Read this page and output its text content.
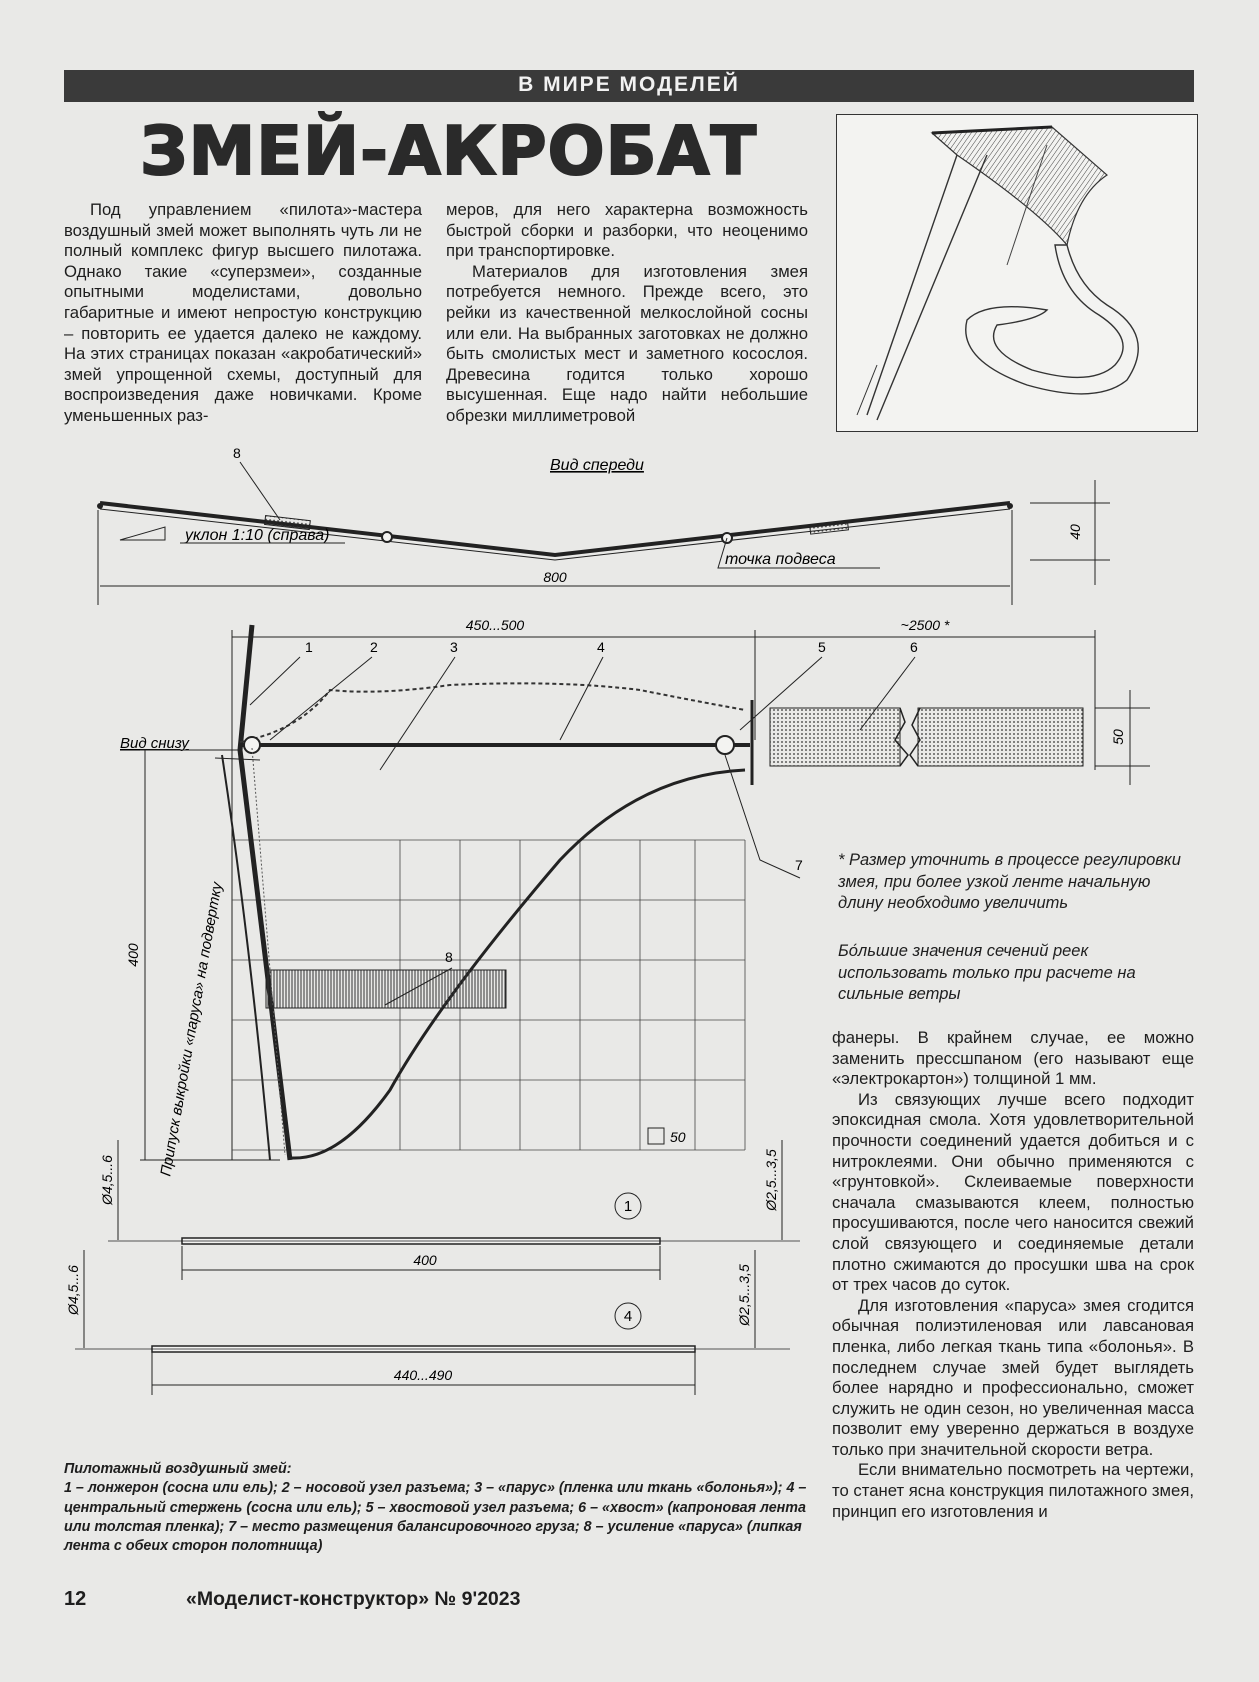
В МИРЕ МОДЕЛЕЙ
ЗМЕЙ-АКРОБАТ

Под управлением «пилота»-мастера воздушный змей может выполнять чуть ли не полный комплекс фигур высшего пилотажа. Однако такие «суперзмеи», созданные опытными моделистами, довольно габаритные и имеют непростую конструкцию – повторить ее удается далеко не каждому. На этих страницах показан «акробатический» змей упрощенной схемы, доступный для воспроизведения даже новичками. Кроме уменьшенных раз-

меров, для него характерна возможность быстрой сборки и разборки, что неоценимо при транспортировке.

Материалов для изготовления змея потребуется немного. Прежде всего, это рейки из качественной мелкослойной сосны или ели. На выбранных заготовках не должно быть смолистых мест и заметного косослоя. Древесина годится только хорошо высушенная. Еще надо найти небольшие обрезки миллиметровой

Вид спереди
8
уклон 1:10 (справа)
точка подвеса
800
40
450...500	~2500 *
Вид снизу
50
50
1	2	3	4	5	6
7
8
400 Припуск выкройки «паруса» на подвертку
1
400
Ø4,5...6	Ø2,5...3,5
4
440...490
Ø4,5...6	Ø2,5...3,5
* Размер уточнить в процессе регулировки змея, при более узкой ленте начальную длину необходимо увеличить
Бо́льшие значения сечений реек использовать только при расчете на сильные ветры

фанеры. В крайнем случае, ее можно заменить прессшпаном (его называют еще «электрокартон») толщиной 1 мм.

Из связующих лучше всего подходит эпоксидная смола. Хотя удовлетворительной прочности соединений удается добиться и с нитроклеями. Они обычно применяются с «грунтовкой». Склеиваемые поверхности сначала смазываются клеем, полностью просушиваются, после чего наносится свежий слой связующего и соединяемые детали плотно сжимаются до просушки шва на срок от трех часов до суток.

Для изготовления «паруса» змея сгодится обычная полиэтиленовая или лавсановая пленка, либо легкая ткань типа «болонья». В последнем случае змей будет выглядеть более нарядно и профессионально, сможет служить не один сезон, но увеличенная масса позволит ему уверенно держаться в воздухе только при значительной скорости ветра.

Если внимательно посмотреть на чертежи, то станет ясна конструкция пилотажного змея, принцип его изготовления и

Пилотажный воздушный змей:

1 – лонжерон (сосна или ель); 2 – носовой узел разъема; 3 – «парус» (пленка или ткань «болонья»); 4 – центральный стержень (сосна или ель); 5 – хвостовой узел разъема; 6 – «хвост» (капроновая лента или толстая пленка); 7 – место размещения балансировочного груза; 8 – усиление «паруса» (липкая лента с обеих сторон полотнища)

12	«Моделист-конструктор» № 9'2023
